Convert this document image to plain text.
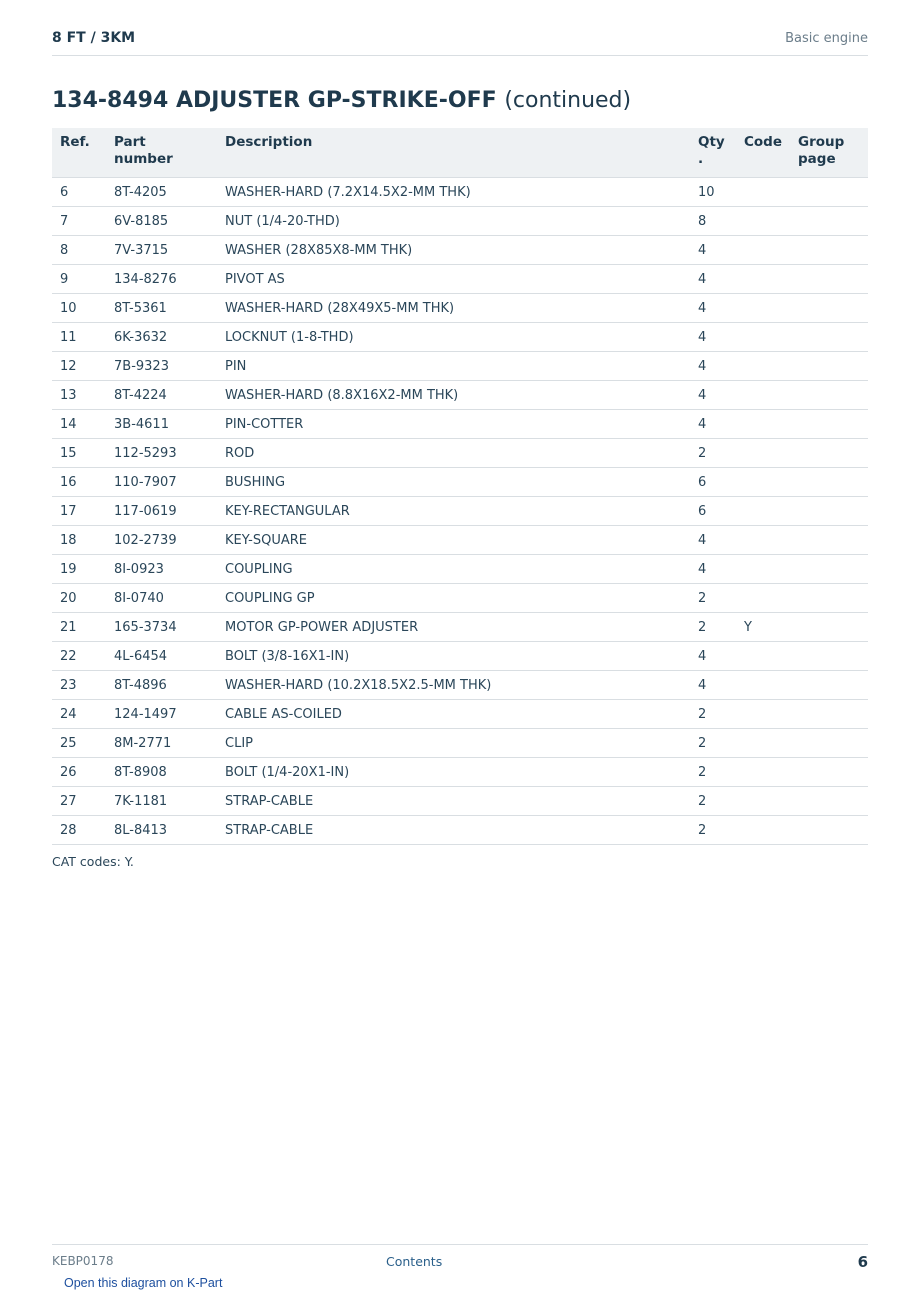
8 FT / 3KM	Basic engine
134-8494 ADJUSTER GP-STRIKE-OFF (continued)
Ref.	Part number	Description	Qty .	Code	Group page
6	8T-4205	WASHER-HARD (7.2X14.5X2-MM THK)	10		
7	6V-8185	NUT (1/4-20-THD)	8		
8	7V-3715	WASHER (28X85X8-MM THK)	4		
9	134-8276	PIVOT AS	4		
10	8T-5361	WASHER-HARD (28X49X5-MM THK)	4		
11	6K-3632	LOCKNUT (1-8-THD)	4		
12	7B-9323	PIN	4		
13	8T-4224	WASHER-HARD (8.8X16X2-MM THK)	4		
14	3B-4611	PIN-COTTER	4		
15	112-5293	ROD	2		
16	110-7907	BUSHING	6		
17	117-0619	KEY-RECTANGULAR	6		
18	102-2739	KEY-SQUARE	4		
19	8I-0923	COUPLING	4		
20	8I-0740	COUPLING GP	2		
21	165-3734	MOTOR GP-POWER ADJUSTER	2	Y	
22	4L-6454	BOLT (3/8-16X1-IN)	4		
23	8T-4896	WASHER-HARD (10.2X18.5X2.5-MM THK)	4		
24	124-1497	CABLE AS-COILED	2		
25	8M-2771	CLIP	2		
26	8T-8908	BOLT (1/4-20X1-IN)	2		
27	7K-1181	STRAP-CABLE	2		
28	8L-8413	STRAP-CABLE	2		
CAT codes: Y.
KEBP0178	Contents	6
Open this diagram on K-Part
